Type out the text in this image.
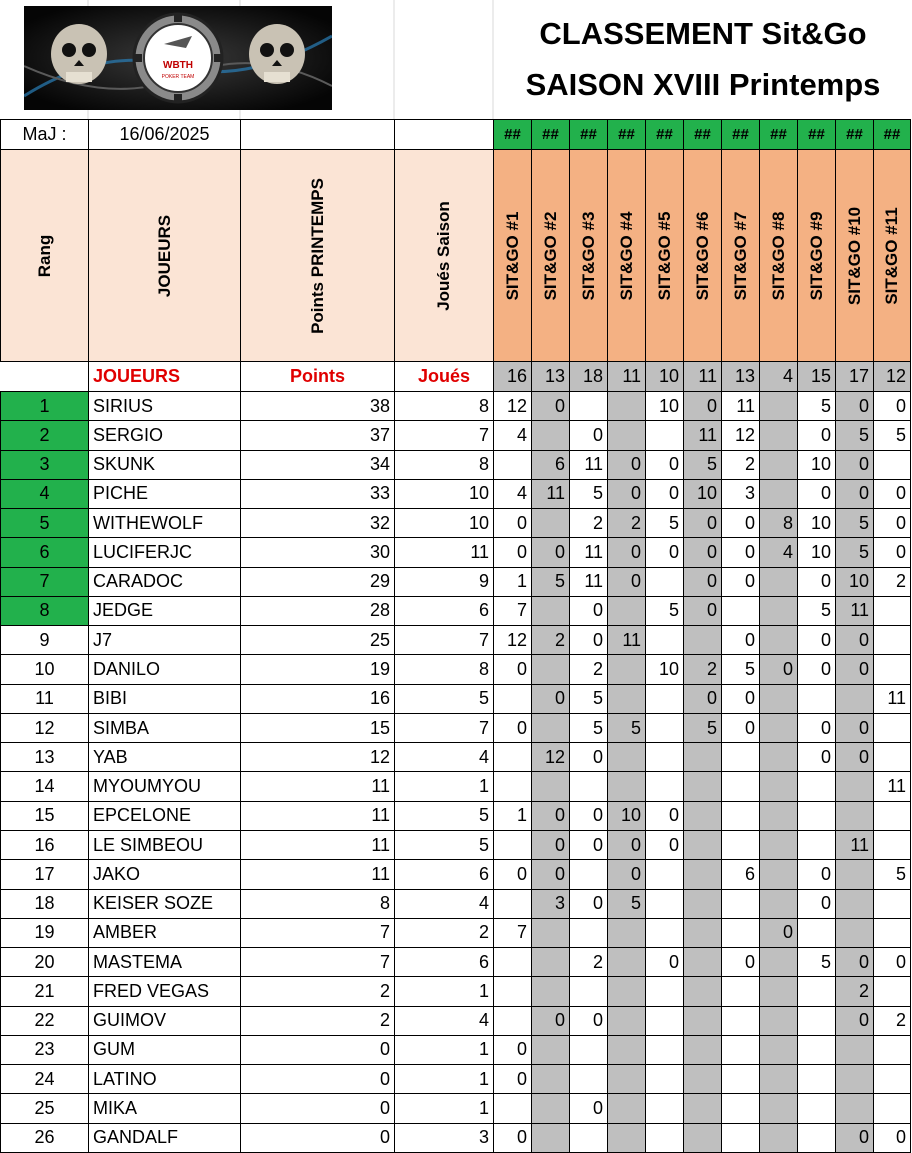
WBTH
POKER TEAM
CLASSEMENT Sit&Go
SAISON XVIII Printemps
MaJ :	16/06/2025			##	##	##	##	##	##	##	##	##	##	##

Rang	JOUEURS	Points PRINTEMPS	Joués Saison	SIT&GO #1	SIT&GO #2	SIT&GO #3	SIT&GO #4	SIT&GO #5	SIT&GO #6	SIT&GO #7	SIT&GO #8	SIT&GO #9	SIT&GO #10	SIT&GO #11

	JOUEURS	Points	Joués	16	13	18	11	10	11	13	4	15	17	12
1	SIRIUS	38	8	12	0			10	0	11		5	0	0
2	SERGIO	37	7	4		0			11	12		0	5	5
3	SKUNK	34	8		6	11	0	0	5	2		10	0	
4	PICHE	33	10	4	11	5	0	0	10	3		0	0	0
5	WITHEWOLF	32	10	0		2	2	5	0	0	8	10	5	0
6	LUCIFERJC	30	11	0	0	11	0	0	0	0	4	10	5	0
7	CARADOC	29	9	1	5	11	0		0	0		0	10	2
8	JEDGE	28	6	7		0		5	0			5	11	
9	J7	25	7	12	2	0	11			0		0	0	
10	DANILO	19	8	0		2		10	2	5	0	0	0	
11	BIBI	16	5		0	5			0	0				11
12	SIMBA	15	7	0		5	5		5	0		0	0	
13	YAB	12	4		12	0						0	0	
14	MYOUMYOU	11	1											11
15	EPCELONE	11	5	1	0	0	10	0						
16	LE SIMBEOU	11	5		0	0	0	0					11	
17	JAKO	11	6	0	0		0			6		0		5
18	KEISER SOZE	8	4		3	0	5					0		
19	AMBER	7	2	7							0			
20	MASTEMA	7	6			2		0		0		5	0	0
21	FRED VEGAS	2	1										2	
22	GUIMOV	2	4		0	0							0	2
23	GUM	0	1	0										
24	LATINO	0	1	0										
25	MIKA	0	1			0								
26	GANDALF	0	3	0									0	0
